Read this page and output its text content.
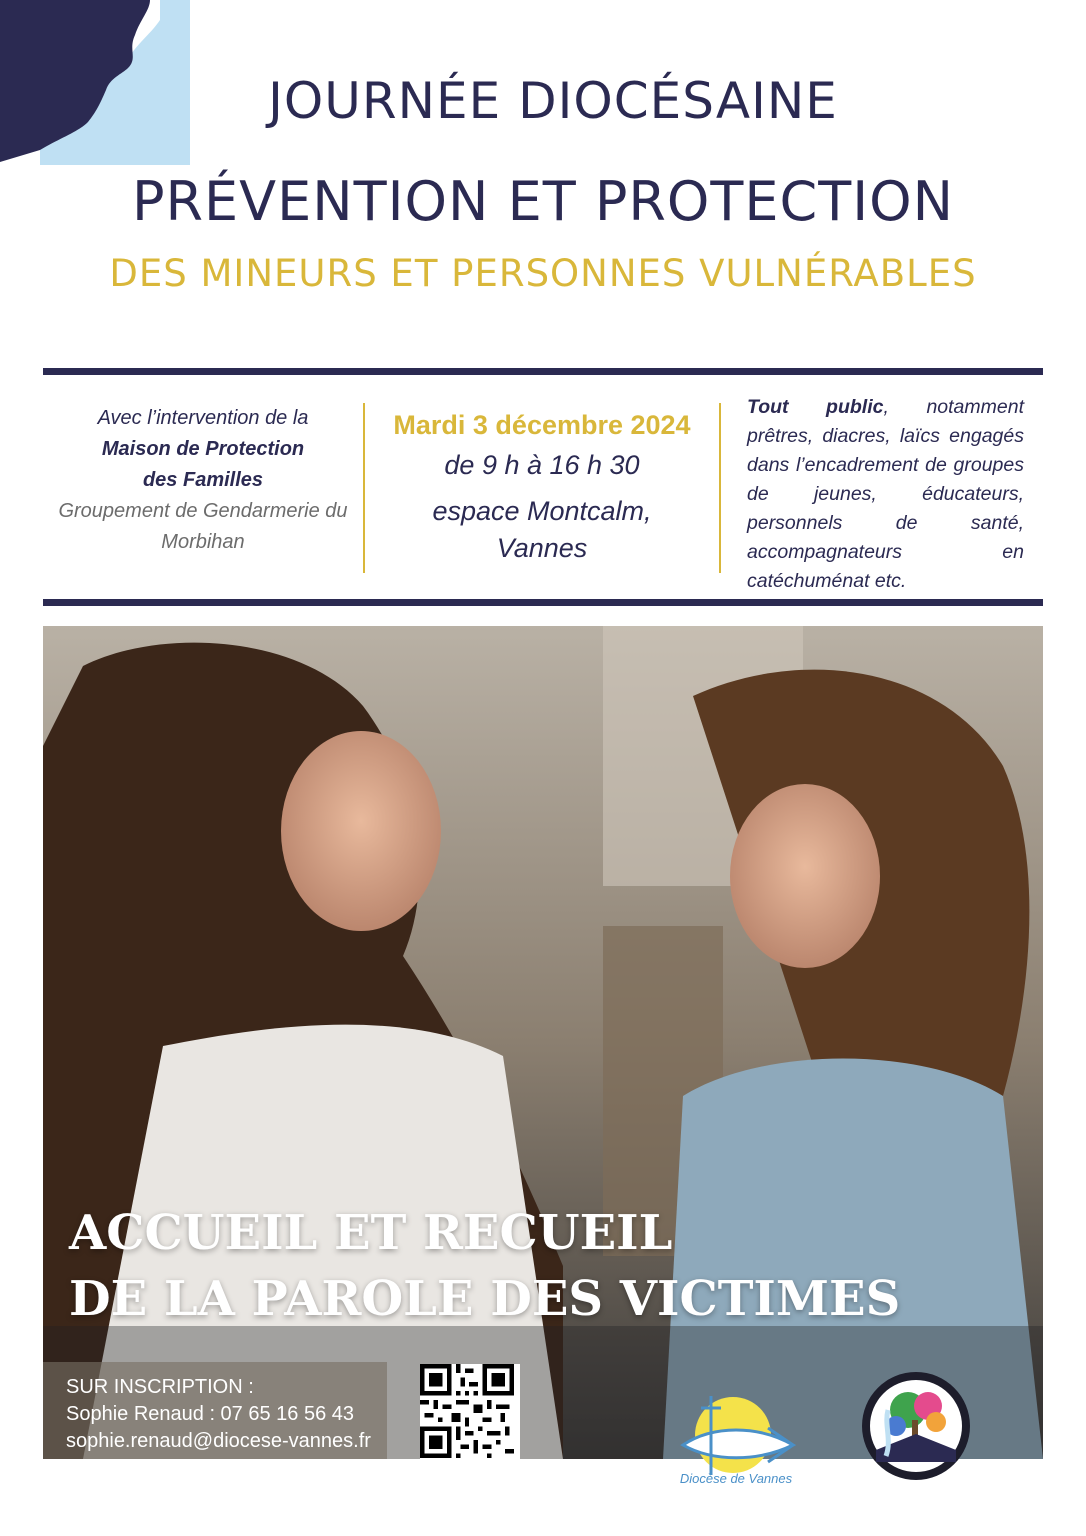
JOURNÉE DIOCÉSAINE
PRÉVENTION ET PROTECTION
DES MINEURS ET PERSONNES VULNÉRABLES
Avec l’intervention de la
Maison de Protection
des Familles
Groupement de Gendarmerie du Morbihan
Mardi 3 décembre 2024
de 9 h à 16 h 30
espace Montcalm,
Vannes
Tout public, notamment prêtres, diacres, laïcs engagés dans l’encadrement de groupes de jeunes, éducateurs, personnels de santé, accompagnateurs en catéchuménat etc.
ACCUEIL ET RECUEIL
DE LA PAROLE DES VICTIMES
SUR INSCRIPTION :
Sophie Renaud : 07 65 16 56 43
sophie.renaud@diocese-vannes.fr
Diocèse de Vannes
